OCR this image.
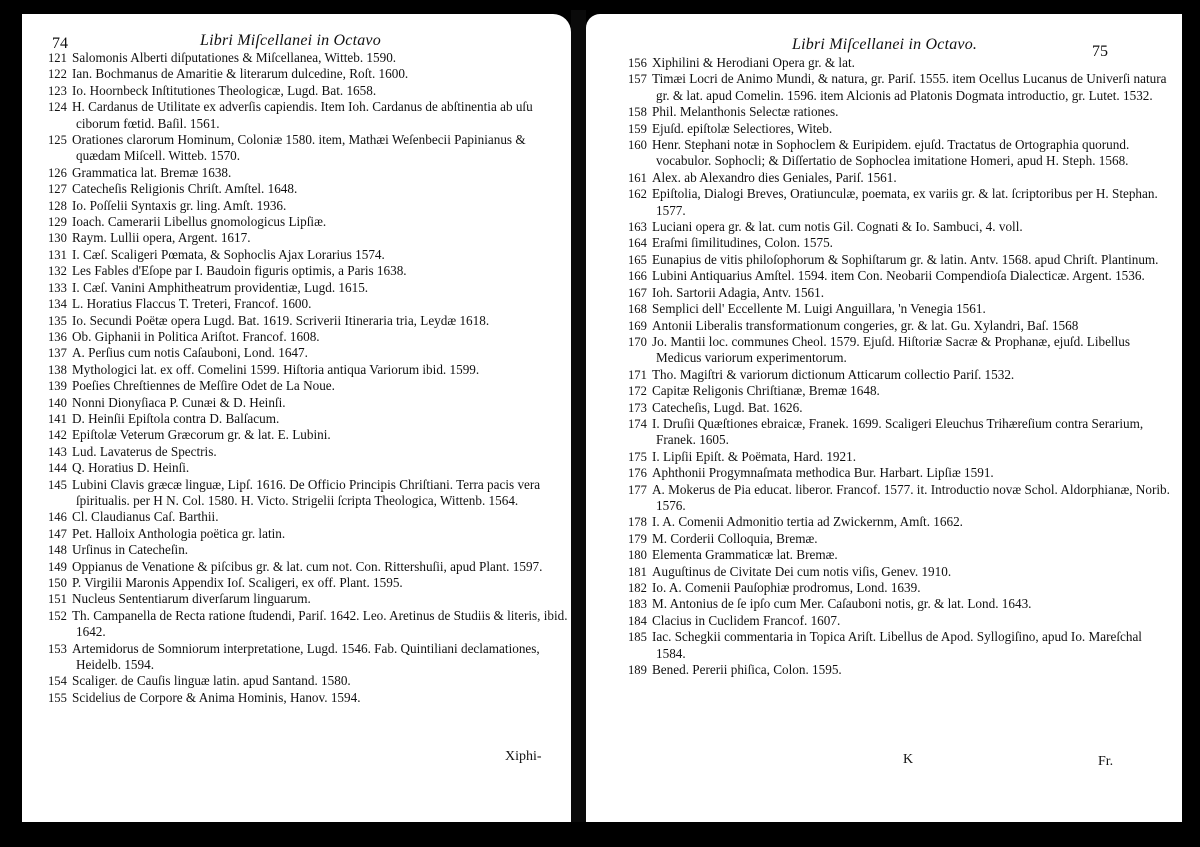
Libri Miſcellanei in Octavo
74
121 Salomonis Alberti diſputationes & Miſcellanea, Witteb. 1590.
122 Ian. Bochmanus de Amaritie & literarum dulcedine, Roſt. 1600.
123 Io. Hoornbeck Inſtitutiones Theologicæ, Lugd. Bat. 1658.
124 H. Cardanus de Utilitate ex adverſis capiendis. Item Ioh. Cardanus de abſtinentia ab uſu ciborum fœtid. Baſil. 1561.
125 Orationes clarorum Hominum, Coloniæ 1580. item, Mathæi Weſenbecii Papinianus & quædam Miſcell. Witteb. 1570.
126 Grammatica lat. Bremæ 1638.
127 Catecheſis Religionis Chriſt. Amſtel. 1648.
128 Io. Poſſelii Syntaxis gr. ling. Amſt. 1936.
129 Ioach. Camerarii Libellus gnomologicus Lipſiæ.
130 Raym. Lullii opera, Argent. 1617.
131 I. Cæſ. Scaligeri Pœmata, & Sophoclis Ajax Lorarius 1574.
132 Les Fables d'Eſope par I. Baudoin figuris optimis, a Paris 1638.
133 I. Cæſ. Vanini Amphitheatrum providentiæ, Lugd. 1615.
134 L. Horatius Flaccus T. Treteri, Francof. 1600.
135 Io. Secundi Poëtæ opera Lugd. Bat. 1619. Scriverii Itineraria tria, Leydæ 1618.
136 Ob. Giphanii in Politica Ariſtot. Francof. 1608.
137 A. Perſius cum notis Caſauboni, Lond. 1647.
138 Mythologici lat. ex off. Comelini 1599. Hiſtoria antiqua Variorum ibid. 1599.
139 Poeſies Chreſtiennes de Meſſire Odet de La Noue.
140 Nonni Dionyſiaca P. Cunæi & D. Heinſi.
141 D. Heinſii Epiſtola contra D. Balſacum.
142 Epiſtolæ Veterum Græcorum gr. & lat. E. Lubini.
143 Lud. Lavaterus de Spectris.
144 Q. Horatius D. Heinſi.
145 Lubini Clavis græcæ linguæ, Lipſ. 1616. De Officio Principis Chriſtiani. Terra pacis vera ſpiritualis. per H N. Col. 1580. H. Victo. Strigelii ſcripta Theologica, Wittenb. 1564.
146 Cl. Claudianus Caſ. Barthii.
147 Pet. Halloix Anthologia poëtica gr. latin.
148 Urſinus in Catecheſin.
149 Oppianus de Venatione & piſcibus gr. & lat. cum not. Con. Rittershuſii, apud Plant. 1597.
150 P. Virgilii Maronis Appendix Ioſ. Scaligeri, ex off. Plant. 1595.
151 Nucleus Sententiarum diverſarum linguarum.
152 Th. Campanella de Recta ratione ſtudendi, Pariſ. 1642. Leo. Aretinus de Studiis & literis, ibid. 1642.
153 Artemidorus de Somniorum interpretatione, Lugd. 1546. Fab. Quintiliani declamationes, Heidelb. 1594.
154 Scaliger. de Cauſis linguæ latin. apud Santand. 1580.
155 Scidelius de Corpore & Anima Hominis, Hanov. 1594.
Xiphi-
Libri Miſcellanei in Octavo.	75
156 Xiphilini & Herodiani Opera gr. & lat.
157 Timæi Locri de Animo Mundi, & natura, gr. Pariſ. 1555. item Ocellus Lucanus de Univerſi natura gr. & lat. apud Comelin. 1596. item Alcionis ad Platonis Dogmata introductio, gr. Lutet. 1532.
158 Phil. Melanthonis Selectæ rationes.
159 Ejuſd. epiſtolæ Selectiores, Witeb.
160 Henr. Stephani notæ in Sophoclem & Euripidem. ejuſd. Tractatus de Ortographia quorund. vocabulor. Sophocli; & Diſſertatio de Sophoclea imitatione Homeri, apud H. Steph. 1568.
161 Alex. ab Alexandro dies Geniales, Pariſ. 1561.
162 Epiſtolia, Dialogi Breves, Oratiunculæ, poemata, ex variis gr. & lat. ſcriptoribus per H. Stephan. 1577.
163 Luciani opera gr. & lat. cum notis Gil. Cognati & Io. Sambuci, 4. voll.
164 Eraſmi ſimilitudines, Colon. 1575.
165 Eunapius de vitis philoſophorum & Sophiſtarum gr. & latin. Antv. 1568. apud Chriſt. Plantinum.
166 Lubini Antiquarius Amſtel. 1594. item Con. Neobarii Compendioſa Dialecticæ. Argent. 1536.
167 Ioh. Sartorii Adagia, Antv. 1561.
168 Semplici dell' Eccellente M. Luigi Anguillara, 'n Venegia 1561.
169 Antonii Liberalis transformationum congeries, gr. & lat. Gu. Xylandri, Baſ. 1568
170 Jo. Mantii loc. communes Cheol. 1579. Ejuſd. Hiſtoriæ Sacræ & Prophanæ, ejuſd. Libellus Medicus variorum experimentorum.
171 Tho. Magiſtri & variorum dictionum Atticarum collectio Pariſ. 1532.
172 Capitæ Religonis Chriſtianæ, Bremæ 1648.
173 Catecheſis, Lugd. Bat. 1626.
174 I. Druſii Quæſtiones ebraicæ, Franek. 1699. Scaligeri Eleuchus Trihæreſium contra Serarium, Franek. 1605.
175 I. Lipſii Epiſt. & Poëmata, Hard. 1921.
176 Aphthonii Progymnaſmata methodica Bur. Harbart. Lipſiæ 1591.
177 A. Mokerus de Pia educat. liberor. Francof. 1577. it. Introductio novæ Schol. Aldorphianæ, Norib. 1576.
178 I. A. Comenii Admonitio tertia ad Zwickernm, Amſt. 1662.
179 M. Corderii Colloquia, Bremæ.
180 Elementa Grammaticæ lat. Bremæ.
181 Auguſtinus de Civitate Dei cum notis viſis, Genev. 1910.
182 Io. A. Comenii Pauſophiæ prodromus, Lond. 1639.
183 M. Antonius de ſe ipſo cum Mer. Caſauboni notis, gr. & lat. Lond. 1643.
184 Clacius in Cuclidem Francof. 1607.
185 Iac. Schegkii commentaria in Topica Ariſt. Libellus de Apod. Syllogiſino, apud Io. Mareſchal 1584.
189 Bened. Pererii phiſica, Colon. 1595.
K	Fr.
